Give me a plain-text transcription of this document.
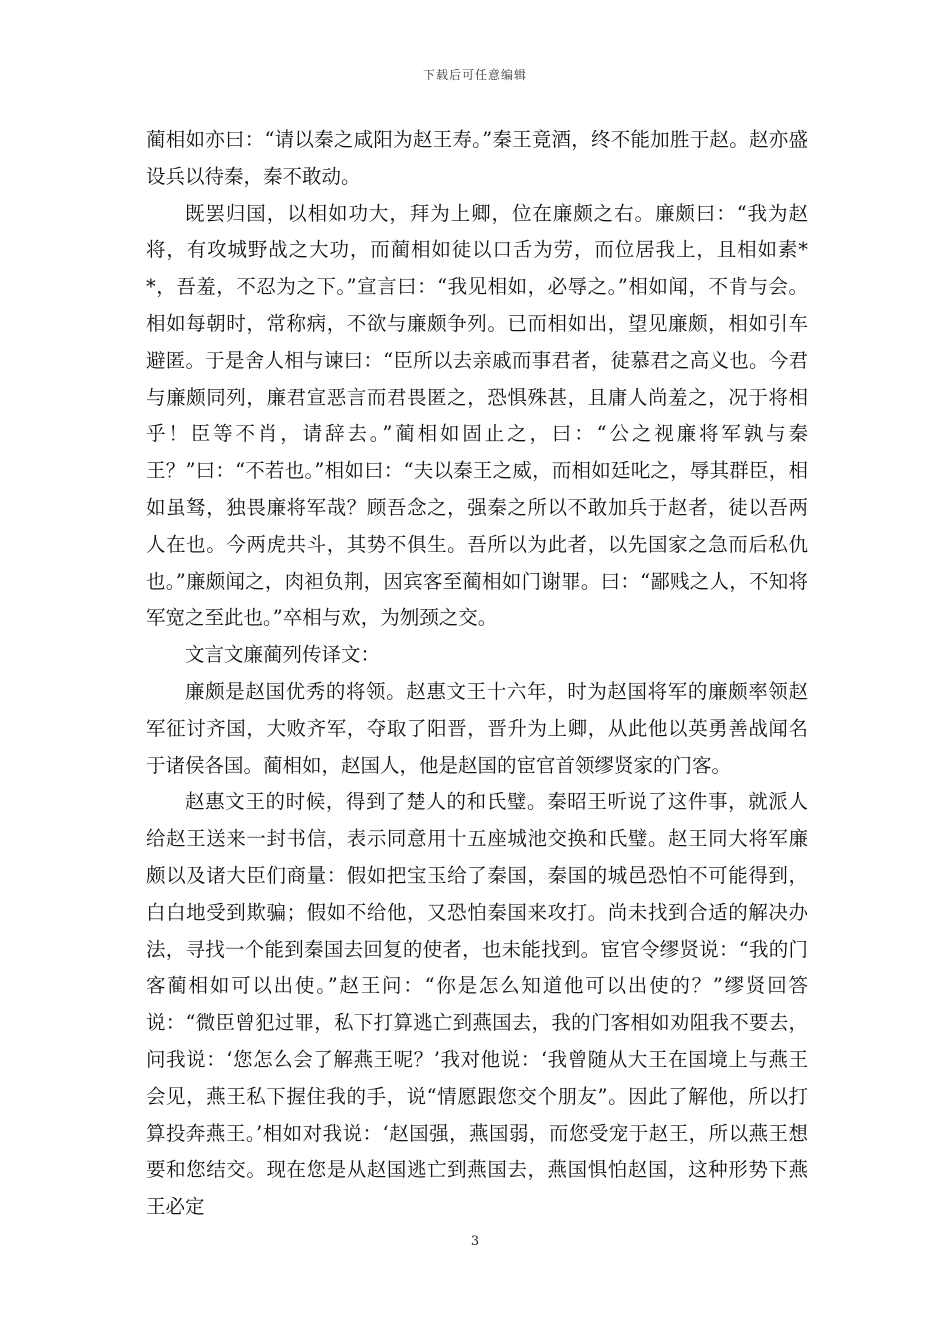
下载后可任意编辑

蔺相如亦曰：“请以秦之咸阳为赵王寿。”秦王竟酒，终不能加胜于赵。赵亦盛设兵以待秦，秦不敢动。

既罢归国，以相如功大，拜为上卿，位在廉颇之右。廉颇曰：“我为赵将，有攻城野战之大功，而蔺相如徒以口舌为劳，而位居我上，且相如素**，吾羞，不忍为之下。”宣言曰：“我见相如，必辱之。”相如闻，不肯与会。相如每朝时，常称病，不欲与廉颇争列。已而相如出，望见廉颇，相如引车避匿。于是舍人相与谏曰：“臣所以去亲戚而事君者，徒慕君之高义也。今君与廉颇同列，廉君宣恶言而君畏匿之，恐惧殊甚，且庸人尚羞之，况于将相乎！臣等不肖，请辞去。”蔺相如固止之，曰：“公之视廉将军孰与秦王？”曰：“不若也。”相如曰：“夫以秦王之威，而相如廷叱之，辱其群臣，相如虽驽，独畏廉将军哉？顾吾念之，强秦之所以不敢加兵于赵者，徒以吾两人在也。今两虎共斗，其势不俱生。吾所以为此者，以先国家之急而后私仇也。”廉颇闻之，肉袒负荆，因宾客至蔺相如门谢罪。曰：“鄙贱之人，不知将军宽之至此也。”卒相与欢，为刎颈之交。

文言文廉蔺列传译文：

廉颇是赵国优秀的将领。赵惠文王十六年，时为赵国将军的廉颇率领赵军征讨齐国，大败齐军，夺取了阳晋，晋升为上卿，从此他以英勇善战闻名于诸侯各国。蔺相如，赵国人，他是赵国的宦官首领缪贤家的门客。

赵惠文王的时候，得到了楚人的和氏璧。秦昭王听说了这件事，就派人给赵王送来一封书信，表示同意用十五座城池交换和氏璧。赵王同大将军廉颇以及诸大臣们商量：假如把宝玉给了秦国，秦国的城邑恐怕不可能得到，白白地受到欺骗；假如不给他，又恐怕秦国来攻打。尚未找到合适的解决办法，寻找一个能到秦国去回复的使者，也未能找到。宦官令缪贤说：“我的门客蔺相如可以出使。”赵王问：“你是怎么知道他可以出使的？”缪贤回答说：“微臣曾犯过罪，私下打算逃亡到燕国去，我的门客相如劝阻我不要去，问我说：‘您怎么会了解燕王呢？’我对他说：‘我曾随从大王在国境上与燕王会见，燕王私下握住我的手，说“情愿跟您交个朋友”。因此了解他，所以打算投奔燕王。’相如对我说：‘赵国强，燕国弱，而您受宠于赵王，所以燕王想要和您结交。现在您是从赵国逃亡到燕国去，燕国惧怕赵国，这种形势下燕王必定

3
